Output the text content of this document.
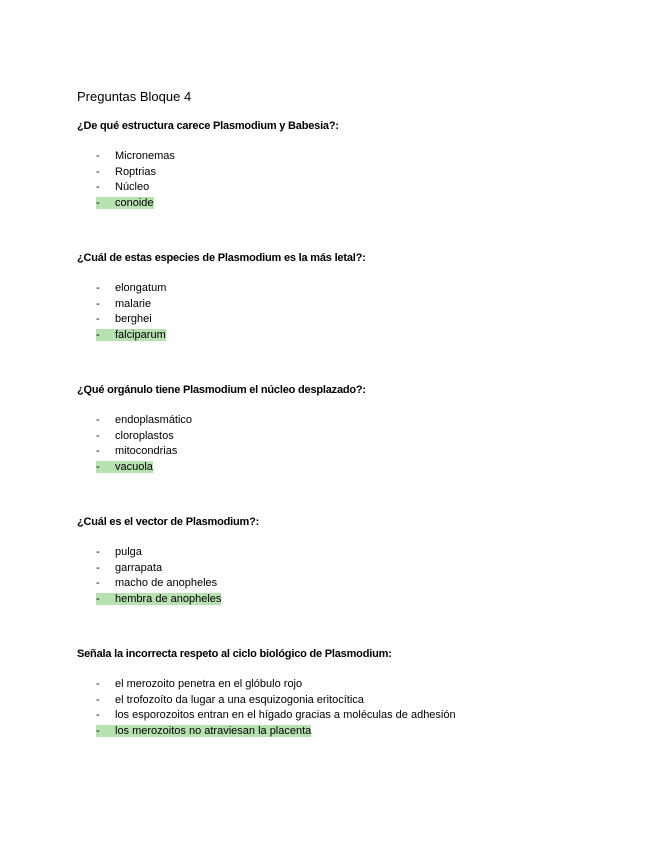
Preguntas Bloque 4

¿De qué estructura carece Plasmodium y Babesia?:

- Micronemas
- Roptrias
- Núcleo
- conoide

¿Cuál de estas especies de Plasmodium es la más letal?:

- elongatum
- malarie
- berghei
- falciparum

¿Qué orgánulo tiene Plasmodium el núcleo desplazado?:

- endoplasmático
- cloroplastos
- mitocondrias
- vacuola

¿Cuál es el vector de Plasmodium?:

- pulga
- garrapata
- macho de anopheles
- hembra de anopheles

Señala la incorrecta respeto al ciclo biológico de Plasmodium:

- el merozoito penetra en el glóbulo rojo
- el trofozoíto da lugar a una esquizogonia eritocítica
- los esporozoitos entran en el hígado gracias a moléculas de adhesión
- los merozoitos no atraviesan la placenta
